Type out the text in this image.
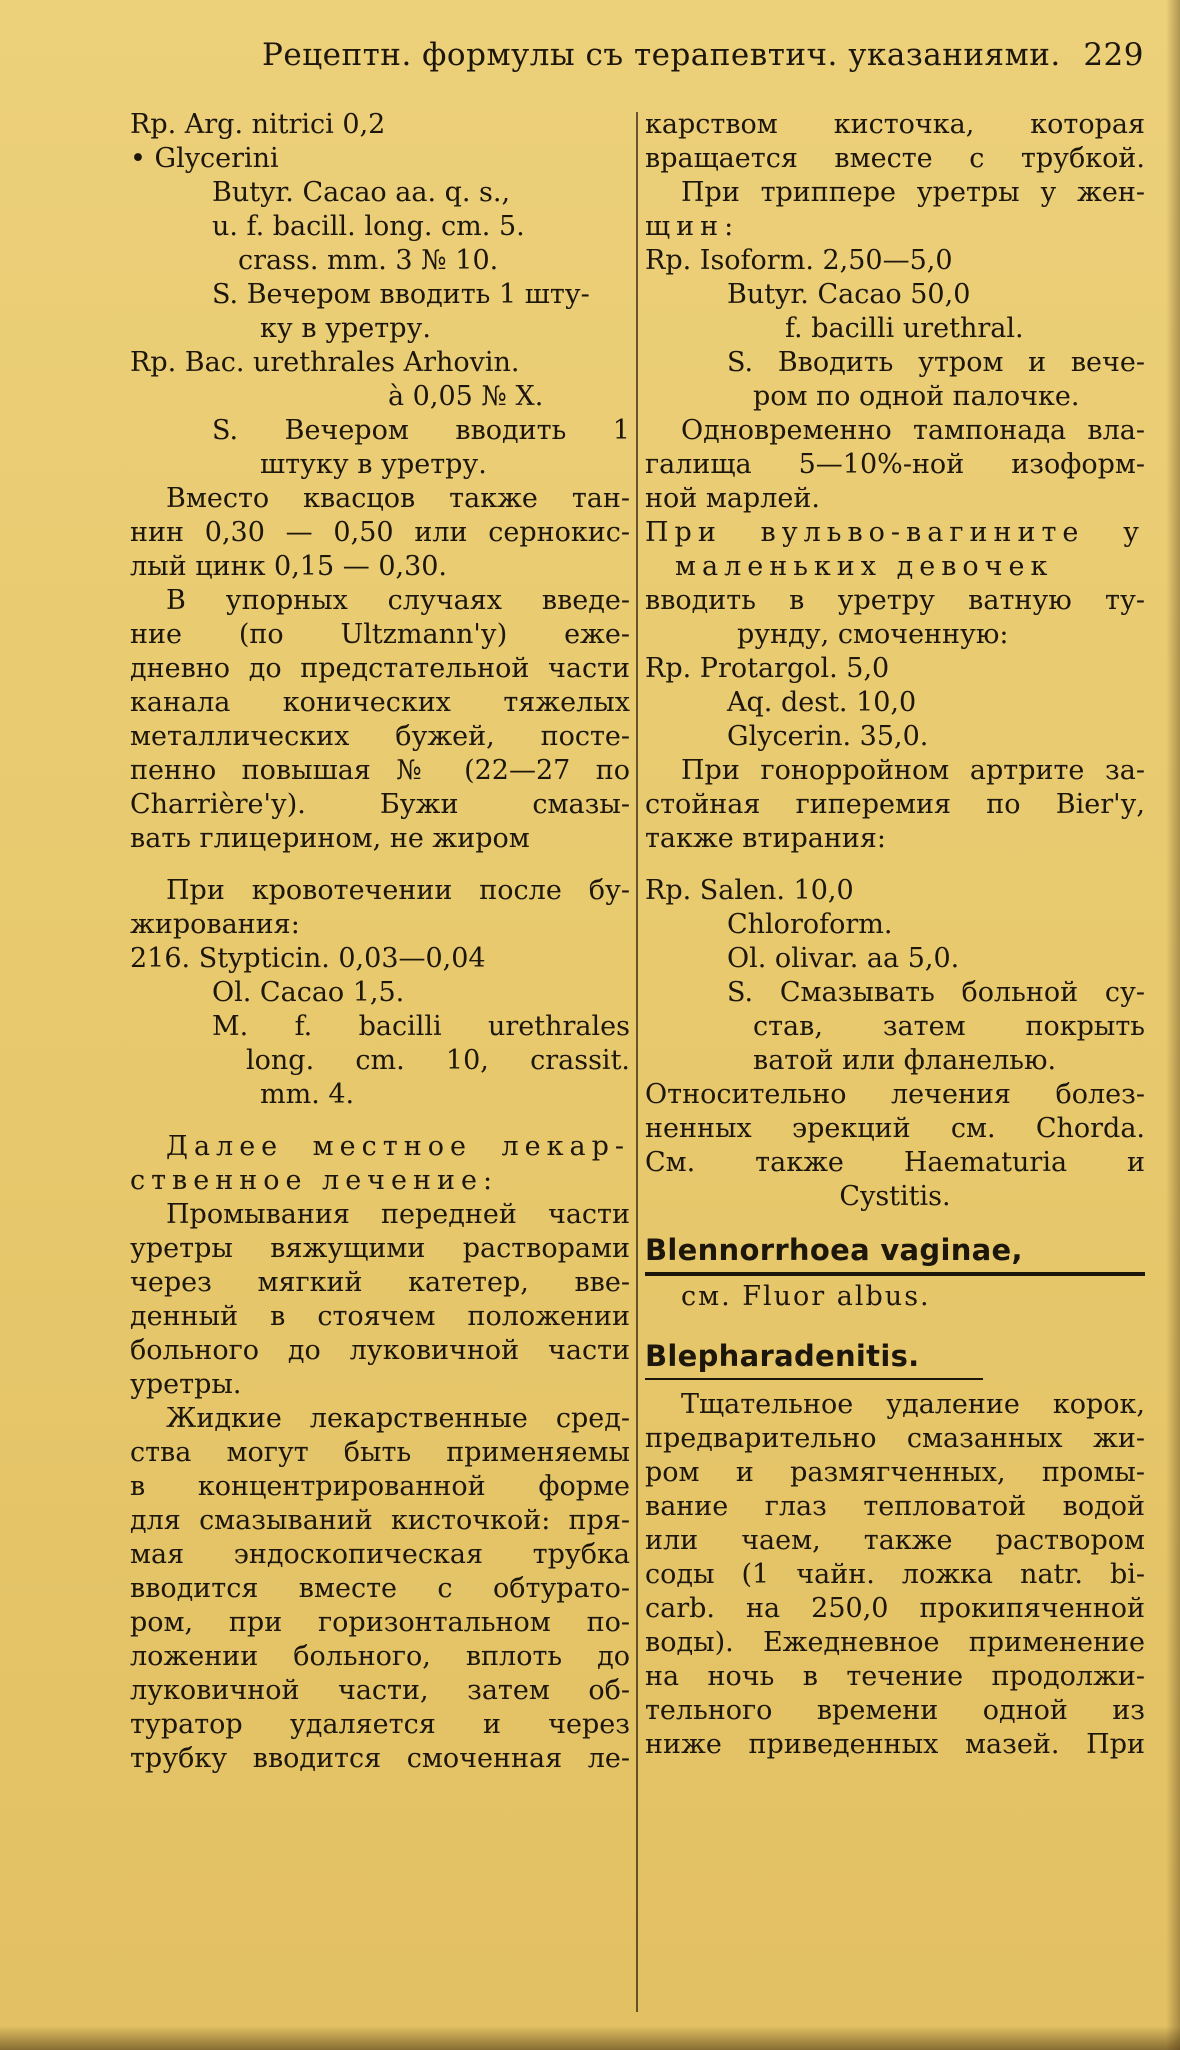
Рецептн. формулы съ терапевтич. указаниями. 229
Rp. Arg. nitrici 0,2
• Glycerini
Butyr. Cacao aa. q. s.,
u. f. bacill. long. cm. 5.
crass. mm. 3 № 10.
S. Вечером вводить 1 шту-
ку в уретру.
Rp. Bac. urethrales Arhovin.
à 0,05 № X.
S. Вечером вводить 1
штуку в уретру.
Вместо квасцов также тан-
нин 0,30 — 0,50 или сернокис-
лый цинк 0,15 — 0,30.
В упорных случаях введе-
ние (по Ultzmann'у) еже-
дневно до предстательной части
канала конических тяжелых
металлических бужей, посте-
пенно повышая № (22—27 по
Charrière'у). Бужи смазы-
вать глицерином, не жиром
При кровотечении после бу-
жирования:
216. Stypticin. 0,03—0,04
Ol. Cacao 1,5.
M. f. bacilli urethrales
long. cm. 10, crassit.
mm. 4.
Далее местное лекар-
ственное лечение:
Промывания передней части
уретры вяжущими растворами
через мягкий катетер, вве-
денный в стоячем положении
больного до луковичной части
уретры.
Жидкие лекарственные сред-
ства могут быть применяемы
в концентрированной форме
для смазываний кисточкой: пря-
мая эндоскопическая трубка
вводится вместе с обтурато-
ром, при горизонтальном по-
ложении больного, вплоть до
луковичной части, затем об-
туратор удаляется и через
трубку вводится смоченная ле-
карством кисточка, которая
вращается вместе с трубкой.
При триппере уретры у жен-
щин:
Rp. Isoform. 2,50—5,0
Butyr. Cacao 50,0
f. bacilli urethral.
S. Вводить утром и вече-
ром по одной палочке.
Одновременно тампонада вла-
галища 5—10%-ной изоформ-
ной марлей.
При вульво-вагините у
маленьких девочек
вводить в уретру ватную ту-
рунду, смоченную:
Rp. Protargol. 5,0
Aq. dest. 10,0
Glycerin. 35,0.
При гонорройном артрите за-
стойная гиперемия по Bier'у,
также втирания:
Rp. Salen. 10,0
Chloroform.
Ol. olivar. aa 5,0.
S. Смазывать больной су-
став, затем покрыть
ватой или фланелью.
Относительно лечения болез-
ненных эрекций см. Chorda.
См. также Haematuria и
Cystitis.
Blennorrhoea vaginae,
см. Fluor albus.
Blepharadenitis.
Тщательное удаление корок,
предварительно смазанных жи-
ром и размягченных, промы-
вание глаз тепловатой водой
или чаем, также раствором
соды (1 чайн. ложка natr. bi-
carb. на 250,0 прокипяченной
воды). Ежедневное применение
на ночь в течение продолжи-
тельного времени одной из
ниже приведенных мазей. При
